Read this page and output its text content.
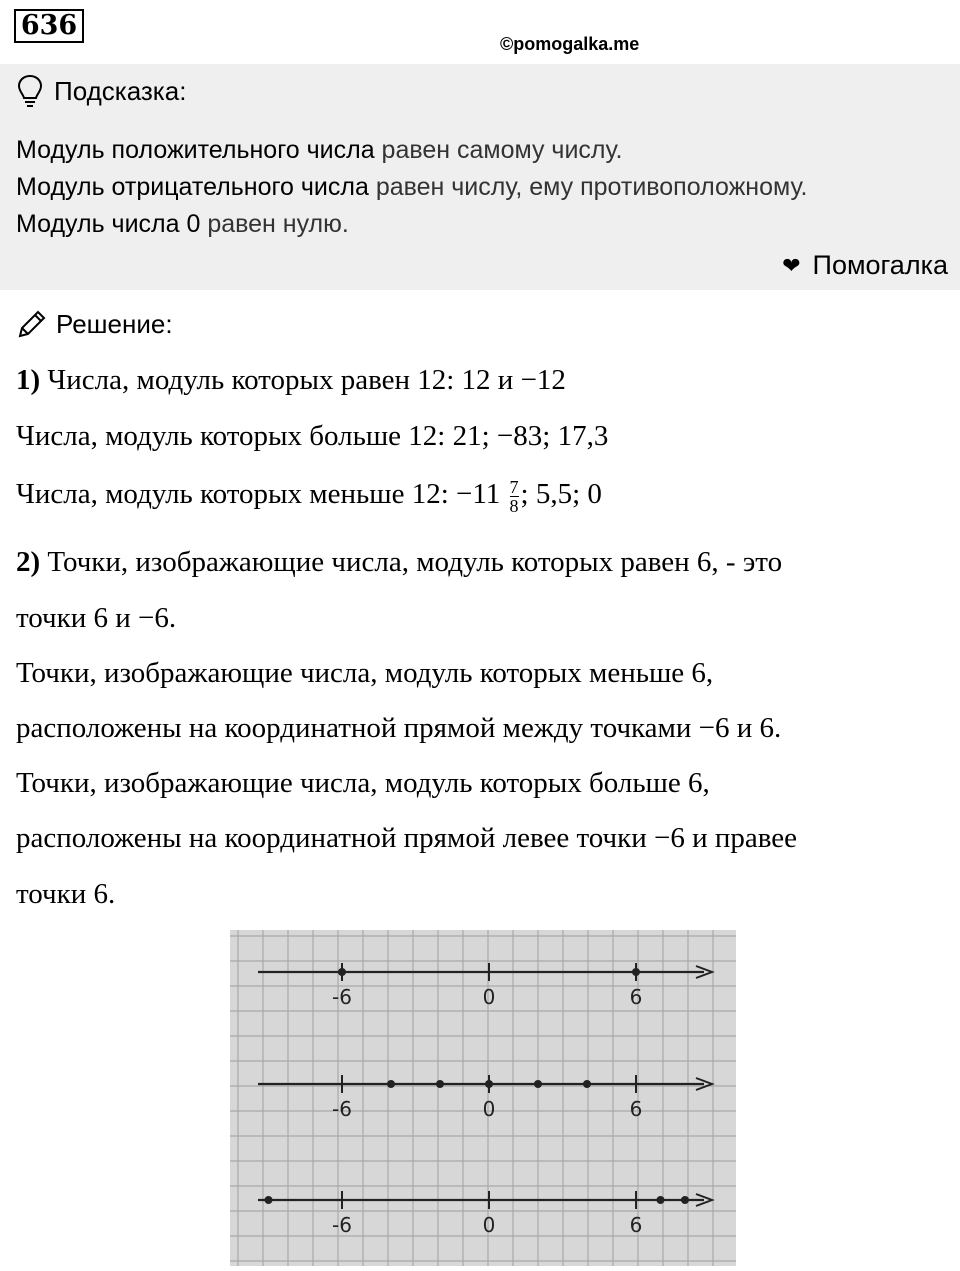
636
©pomogalka.me
Подсказка:
Модуль положительного числа равен самому числу.
Модуль отрицательного числа равен числу, ему противоположному.
Модуль числа 0 равен нулю.
❤ Помогалка
Решение:
1) Числа, модуль которых равен 12: 12 и −12
Числа, модуль которых больше 12: 21; −83; 17,3
Числа, модуль которых меньше 12: $-11 \frac{7}{8}$ ; 5,5; 0
2) Точки, изображающие числа, модуль которых равен 6, - это
точки 6 и −6.
Точки, изображающие числа, модуль которых меньше 6,
расположены на координатной прямой между точками −6 и 6.
Точки, изображающие числа, модуль которых больше 6,
расположены на координатной прямой левее точки −6 и правее
точки 6.
-6	0	6
-6	0	6
-6	0	6
